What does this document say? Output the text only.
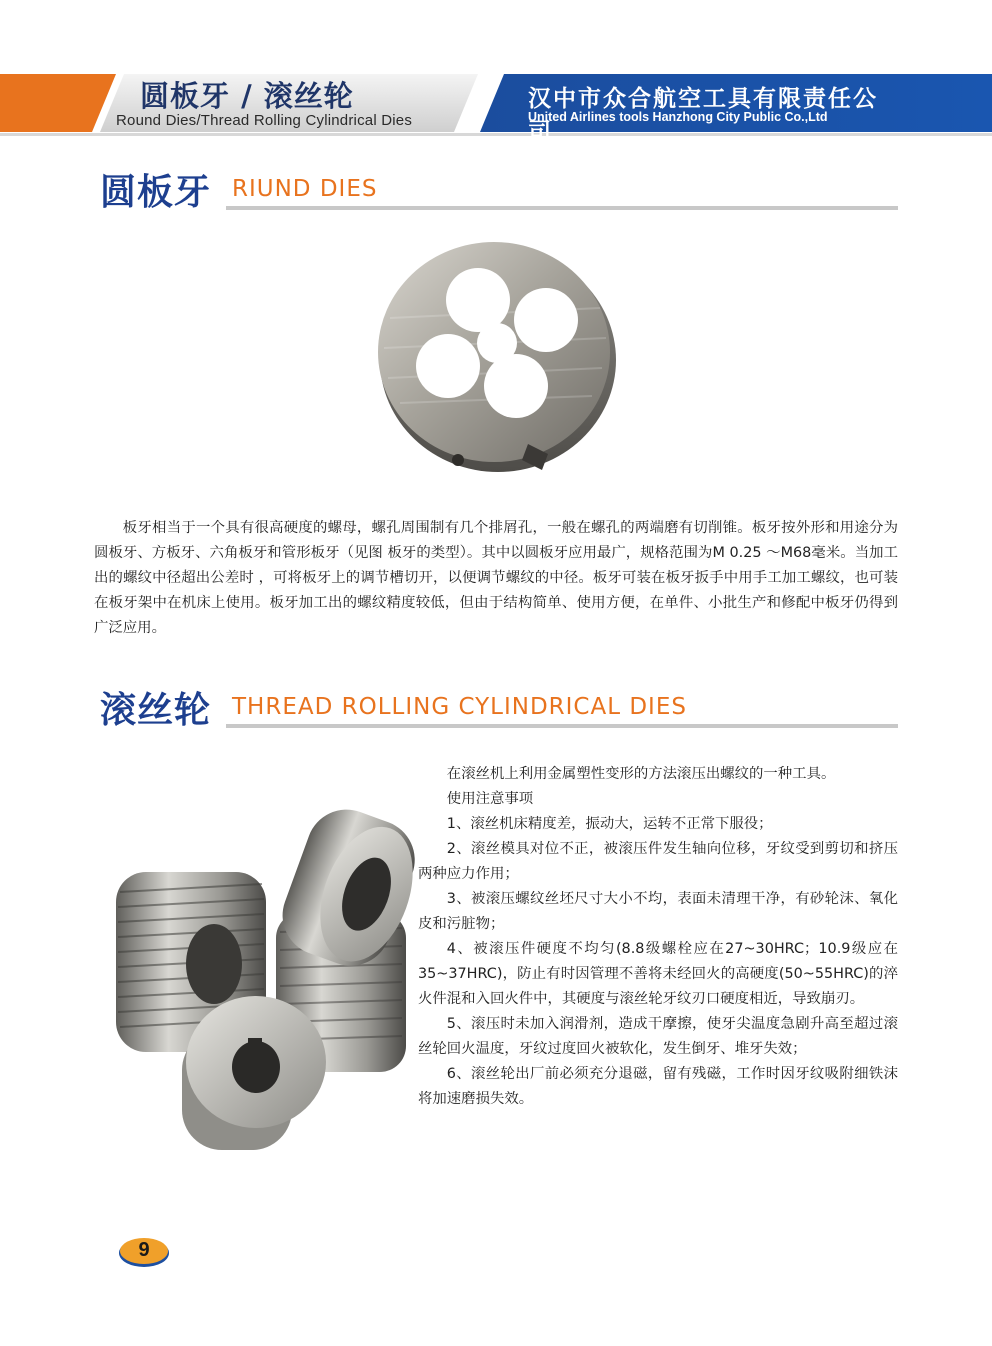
圆板牙 / 滚丝轮
Round Dies/Thread Rolling Cylindrical Dies
汉中市众合航空工具有限责任公司
United Airlines tools Hanzhong City Public Co.,Ltd
圆板牙 RIUND DIES

板牙相当于一个具有很高硬度的螺母，螺孔周围制有几个排屑孔，一般在螺孔的两端磨有切削锥。板牙按外形和用途分为圆板牙、方板牙、六角板牙和管形板牙（见图 板牙的类型）。其中以圆板牙应用最广，规格范围为M 0.25 ～M68毫米。当加工出的螺纹中径超出公差时 ，可将板牙上的调节槽切开，以便调节螺纹的中径。板牙可装在板牙扳手中用手工加工螺纹，也可装在板牙架中在机床上使用。板牙加工出的螺纹精度较低，但由于结构简单、使用方便，在单件、小批生产和修配中板牙仍得到广泛应用。

滚丝轮 THREAD ROLLING CYLINDRICAL DIES

在滚丝机上利用金属塑性变形的方法滚压出螺纹的一种工具。

使用注意事项

1、滚丝机床精度差，振动大，运转不正常下服役；

2、滚丝模具对位不正，被滚压件发生轴向位移，牙纹受到剪切和挤压两种应力作用；

3、被滚压螺纹丝坯尺寸大小不均，表面未清理干净，有砂轮沫、氧化皮和污脏物；

4、被滚压件硬度不均匀(8.8级螺栓应在27~30HRC；10.9级应在35~37HRC)，防止有时因管理不善将未经回火的高硬度(50~55HRC)的淬火件混和入回火件中，其硬度与滚丝轮牙纹刃口硬度相近，导致崩刃。

5、滚压时未加入润滑剂，造成干摩擦，使牙尖温度急剧升高至超过滚丝轮回火温度，牙纹过度回火被软化，发生倒牙、堆牙失效；

6、滚丝轮出厂前必须充分退磁，留有残磁，工作时因牙纹吸附细铁沫将加速磨损失效。

9
